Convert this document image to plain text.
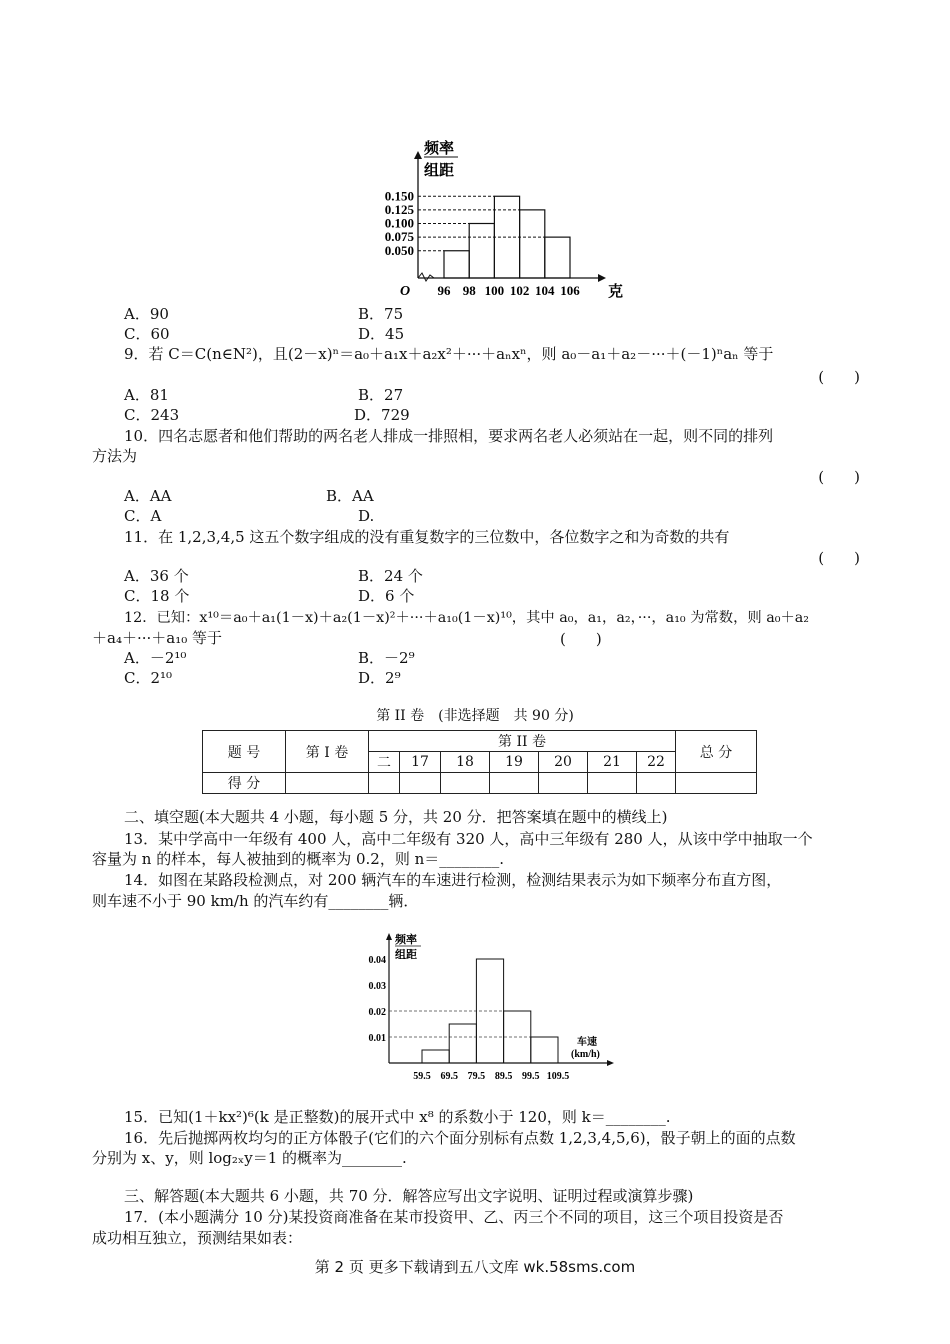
频率
组距
O
0.150
0.125
0.100
0.075
0.050
96 98 100 102 104 106 克
A．90	B．75
C．60	D．45
9．若 C＝C(n∈N²)，且(2－x)ⁿ＝a₀＋a₁x＋a₂x²＋···＋aₙxⁿ，则 a₀－a₁＋a₂－···＋(－1)ⁿaₙ 等于
(　　)
A．81	B．27
C．243	D．729
10．四名志愿者和他们帮助的两名老人排成一排照相，要求两名老人必须站在一起，则不同的排列
方法为
(　　)
A．AA	B．AA
C．A	D.
11．在 1,2,3,4,5 这五个数字组成的没有重复数字的三位数中，各位数字之和为奇数的共有
(　　)
A．36 个	B．24 个
C．18 个	D．6 个
12．已知：x¹⁰＝a₀＋a₁(1－x)＋a₂(1－x)²＋···＋a₁₀(1－x)¹⁰，其中 a₀，a₁，a₂，···，a₁₀ 为常数，则 a₀＋a₂
＋a₄＋···＋a₁₀ 等于	(　　)
A．－2¹⁰	B．－2⁹
C．2¹⁰	D．2⁹
第 II 卷　(非选择题　共 90 分)
题 号	第 I 卷	第 II 卷							总 分
		二	17	18	19	20	21	22	
得 分									
二、填空题(本大题共 4 小题，每小题 5 分，共 20 分．把答案填在题中的横线上)
13．某中学高中一年级有 400 人，高中二年级有 320 人，高中三年级有 280 人，从该中学中抽取一个
容量为 n 的样本，每人被抽到的概率为 0.2，则 n＝________.
14．如图在某路段检测点，对 200 辆汽车的车速进行检测，检测结果表示为如下频率分布直方图，
则车速不小于 90 km/h 的汽车约有________辆．
频率
组距
0.04
0.03
0.02
0.01
59.5 69.5 79.5 89.5 99.5 109.5
车速
(km/h)
15．已知(1＋kx²)⁶(k 是正整数)的展开式中 x⁸ 的系数小于 120，则 k＝________.
16．先后抛掷两枚均匀的正方体骰子(它们的六个面分别标有点数 1,2,3,4,5,6)，骰子朝上的面的点数
分别为 x、y，则 log₂ₓy＝1 的概率为________.
三、解答题(本大题共 6 小题，共 70 分．解答应写出文字说明、证明过程或演算步骤)
17．(本小题满分 10 分)某投资商准备在某市投资甲、乙、丙三个不同的项目，这三个项目投资是否
成功相互独立，预测结果如表：
第 2 页 更多下载请到五八文库 wk.58sms.com
